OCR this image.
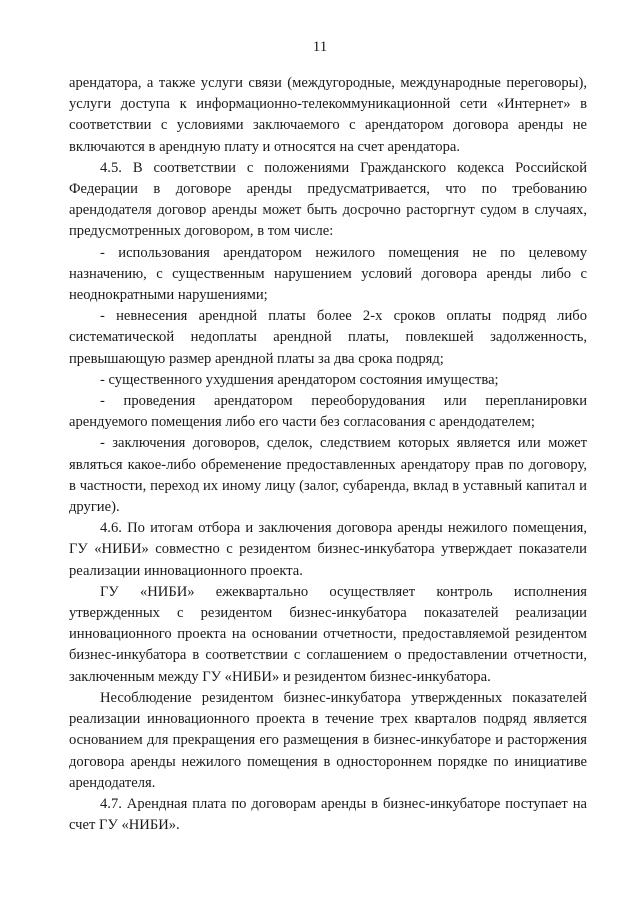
11

арендатора, а также услуги связи (междугородные, международные переговоры), услуги доступа к информационно-телекоммуникационной сети «Интернет» в соответствии с условиями заключаемого с арендатором договора аренды не включаются в арендную плату и относятся на счет арендатора.

4.5. В соответствии с положениями Гражданского кодекса Российской Федерации в договоре аренды предусматривается, что по требованию арендодателя договор аренды может быть досрочно расторгнут судом в случаях, предусмотренных договором, в том числе:

- использования арендатором нежилого помещения не по целевому назначению, с существенным нарушением условий договора аренды либо с неоднократными нарушениями;

- невнесения арендной платы более 2-х сроков оплаты подряд либо систематической недоплаты арендной платы, повлекшей задолженность, превышающую размер арендной платы за два срока подряд;

- существенного ухудшения арендатором состояния имущества;

- проведения арендатором переоборудования или перепланировки арендуемого помещения либо его части без согласования с арендодателем;

- заключения договоров, сделок, следствием которых является или может являться какое-либо обременение предоставленных арендатору прав по договору, в частности, переход их иному лицу (залог, субаренда, вклад в уставный капитал и другие).

4.6. По итогам отбора и заключения договора аренды нежилого помещения, ГУ «НИБИ» совместно с резидентом бизнес-инкубатора утверждает показатели реализации инновационного проекта.

ГУ «НИБИ» ежеквартально осуществляет контроль исполнения утвержденных с резидентом бизнес-инкубатора показателей реализации инновационного проекта на основании отчетности, предоставляемой резидентом бизнес-инкубатора в соответствии с соглашением о предоставлении отчетности, заключенным между ГУ «НИБИ» и резидентом бизнес-инкубатора.

Несоблюдение резидентом бизнес-инкубатора утвержденных показателей реализации инновационного проекта в течение трех кварталов подряд является основанием для прекращения его размещения в бизнес-инкубаторе и расторжения договора аренды нежилого помещения в одностороннем порядке по инициативе арендодателя.

4.7. Арендная плата по договорам аренды в бизнес-инкубаторе поступает на счет ГУ «НИБИ».
